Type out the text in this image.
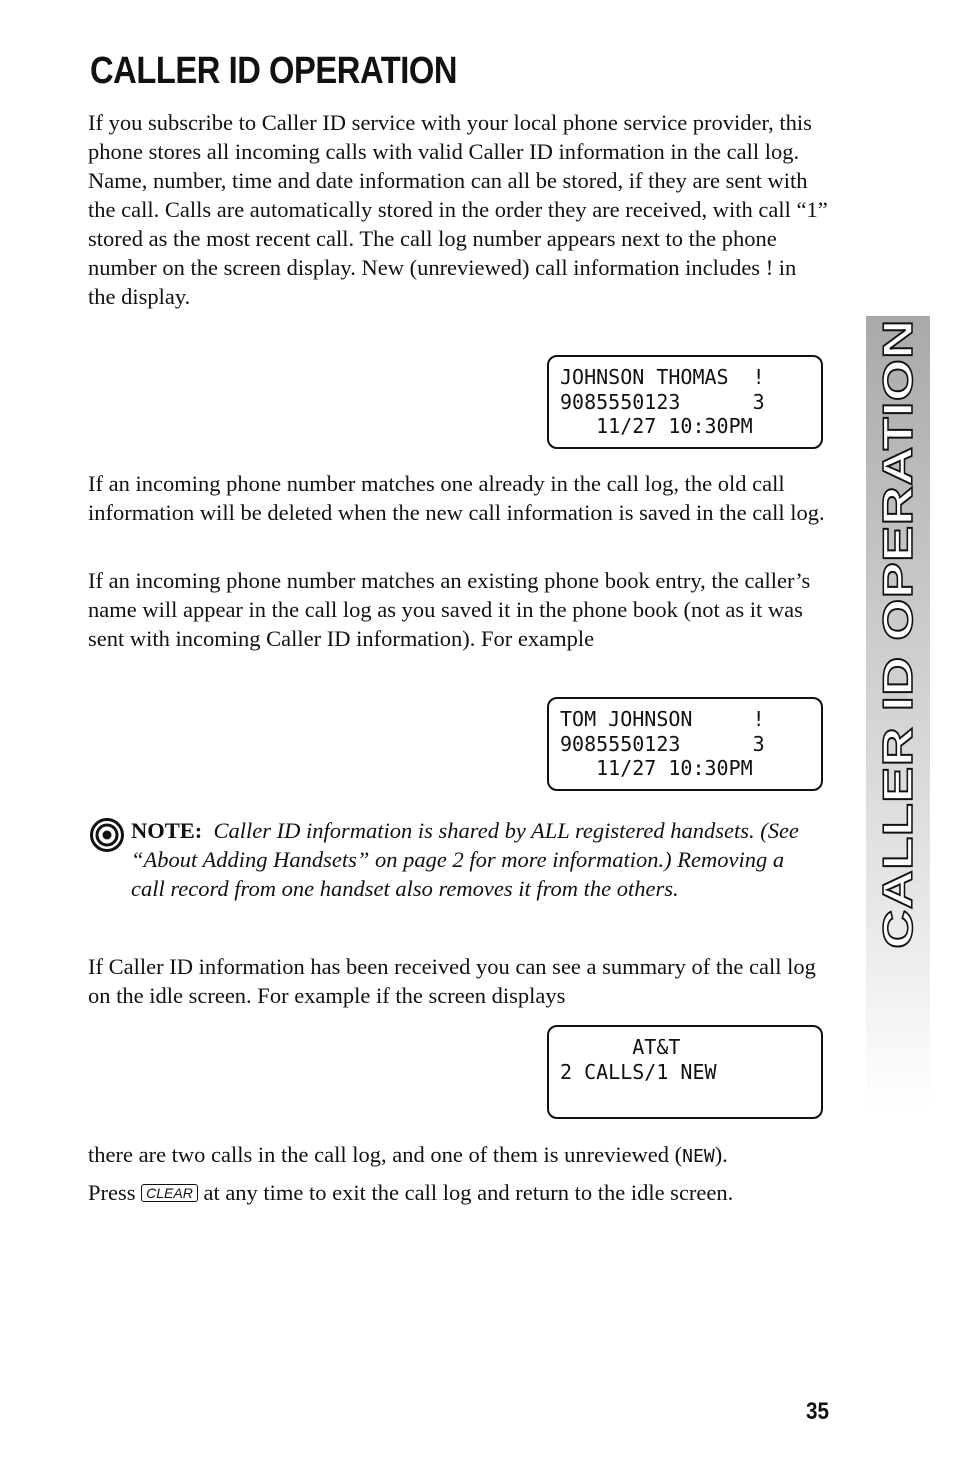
CALLER ID OPERATION

If you subscribe to Caller ID service with your local phone service provider, this phone stores all incoming calls with valid Caller ID information in the call log. Name, number, time and date information can all be stored, if they are sent with the call. Calls are automatically stored in the order they are received, with call “1” stored as the most recent call. The call log number appears next to the phone number on the screen display. New (unreviewed) call information includes ! in the display.

JOHNSON THOMAS  !
9085550123      3
11/27 10:30PM

If an incoming phone number matches one already in the call log, the old call information will be deleted when the new call information is saved in the call log.

If an incoming phone number matches an existing phone book entry, the caller’s name will appear in the call log as you saved it in the phone book (not as it was sent with incoming Caller ID information). For example

TOM JOHNSON     !
9085550123      3
11/27 10:30PM
NOTE: Caller ID information is shared by ALL registered handsets. (See “About Adding Handsets” on page 2 for more information.) Removing a call record from one handset also removes it from the others.

If Caller ID information has been received you can see a summary of the call log on the idle screen. For example if the screen displays

AT&T
2 CALLS/1 NEW

there are two calls in the call log, and one of them is unreviewed (NEW).

Press CLEAR at any time to exit the call log and return to the idle screen.

CALLER ID OPERATION
35
